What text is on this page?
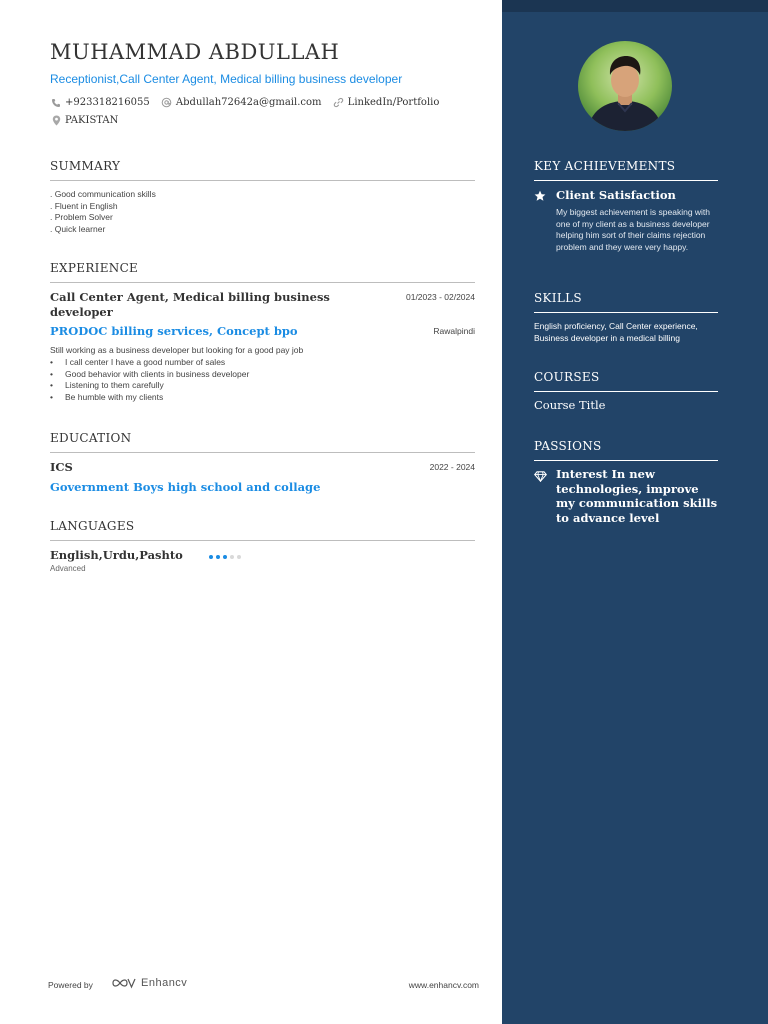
MUHAMMAD ABDULLAH
Receptionist,Call Center Agent, Medical billing business developer
+923318216055
	Abdullah72642a@gmail.com
	LinkedIn/Portfolio
PAKISTAN
SUMMARY
. Good communication skills
. Fluent in English
. Problem Solver
. Quick learner
EXPERIENCE
Call Center Agent, Medical billing business developer
01/2023 - 02/2024
PRODOC billing services, Concept bpo	Rawalpindi
Still working as a business developer but looking for a good pay job
• I call center I have a good number of sales
• Good behavior with clients in business developer
• Listening to them carefully
• Be humble with my clients
EDUCATION
ICS	2022 - 2024
Government Boys high school and collage
LANGUAGES
English,Urdu,Pashto
Advanced
Powered by	Enhancv	www.enhancv.com
KEY ACHIEVEMENTS
Client Satisfaction
My biggest achievement is speaking with one of my client as a business developer helping him sort of their claims rejection problem and they were very happy.
SKILLS
English proficiency, Call Center experience, Business developer in a medical billing
COURSES
Course Title
PASSIONS
Interest In new technologies, improve my communication skills to advance level
